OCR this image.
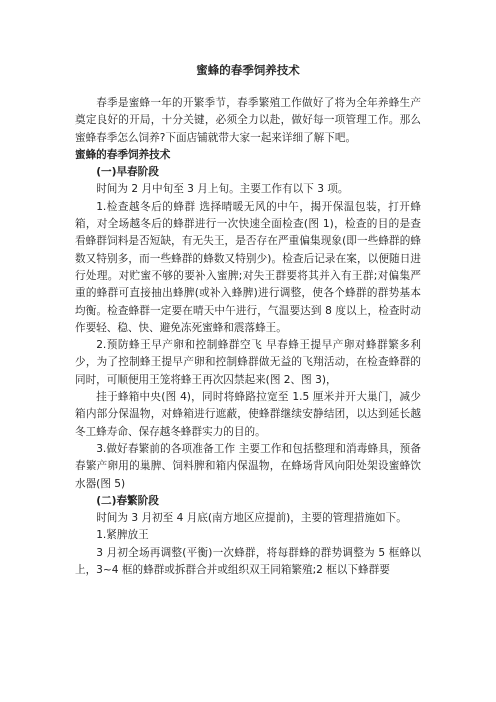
蜜蜂的春季饲养技术

春季是蜜蜂一年的开繁季节，春季繁殖工作做好了将为全年养蜂生产奠定良好的开局，十分关键，必须全力以赴，做好每一项管理工作。那么蜜蜂春季怎么饲养?下面店铺就带大家一起来详细了解下吧。

蜜蜂的春季饲养技术

(一)早春阶段

时间为 2 月中旬至 3 月上旬。主要工作有以下 3 项。

1.检查越冬后的蜂群 选择晴暖无风的中午，揭开保温包装，打开蜂箱，对全场越冬后的蜂群进行一次快速全面检查(图 1)，检查的目的是查看蜂群饲料是否短缺，有无失王，是否存在严重偏集现象(即一些蜂群的蜂数又特别多，而一些蜂群的蜂数又特别少)。检查后记录在案，以便随日进行处理。对贮蜜不够的要补入蜜脾;对失王群要将其并入有王群;对偏集严重的蜂群可直接抽出蜂脾(或补入蜂脾)进行调整，使各个蜂群的群势基本均衡。检查蜂群一定要在晴天中午进行，气温要达到 8 度以上，检查时动作要轻、稳、快、避免冻死蜜蜂和震落蜂王。

2.预防蜂王早产卵和控制蜂群空飞 早春蜂王提早产卵对蜂群繁多利少，为了控制蜂王提早产卵和控制蜂群做无益的飞翔活动，在检查蜂群的同时，可顺便用王笼将蜂王再次囚禁起来(图 2、图 3)，

挂于蜂箱中央(图 4)，同时将蜂路拉宽至 1.5 厘米并开大巢门，减少箱内部分保温物，对蜂箱进行遮蔽，使蜂群继续安静结团，以达到延长越冬工蜂寿命、保存越冬蜂群实力的目的。

3.做好春繁前的各项准备工作 主要工作和包括整理和消毒蜂具，预备春繁产卵用的巢脾、饲料脾和箱内保温物，在蜂场背风向阳处架设蜜蜂饮水器(图 5)

(二)春繁阶段

时间为 3 月初至 4 月底(南方地区应提前)，主要的管理措施如下。

1.紧脾放王

3 月初全场再调整(平衡)一次蜂群，将每群蜂的群势调整为 5 框蜂以上，3~4 框的蜂群或拆群合并或组织双王同箱繁殖;2 框以下蜂群要
